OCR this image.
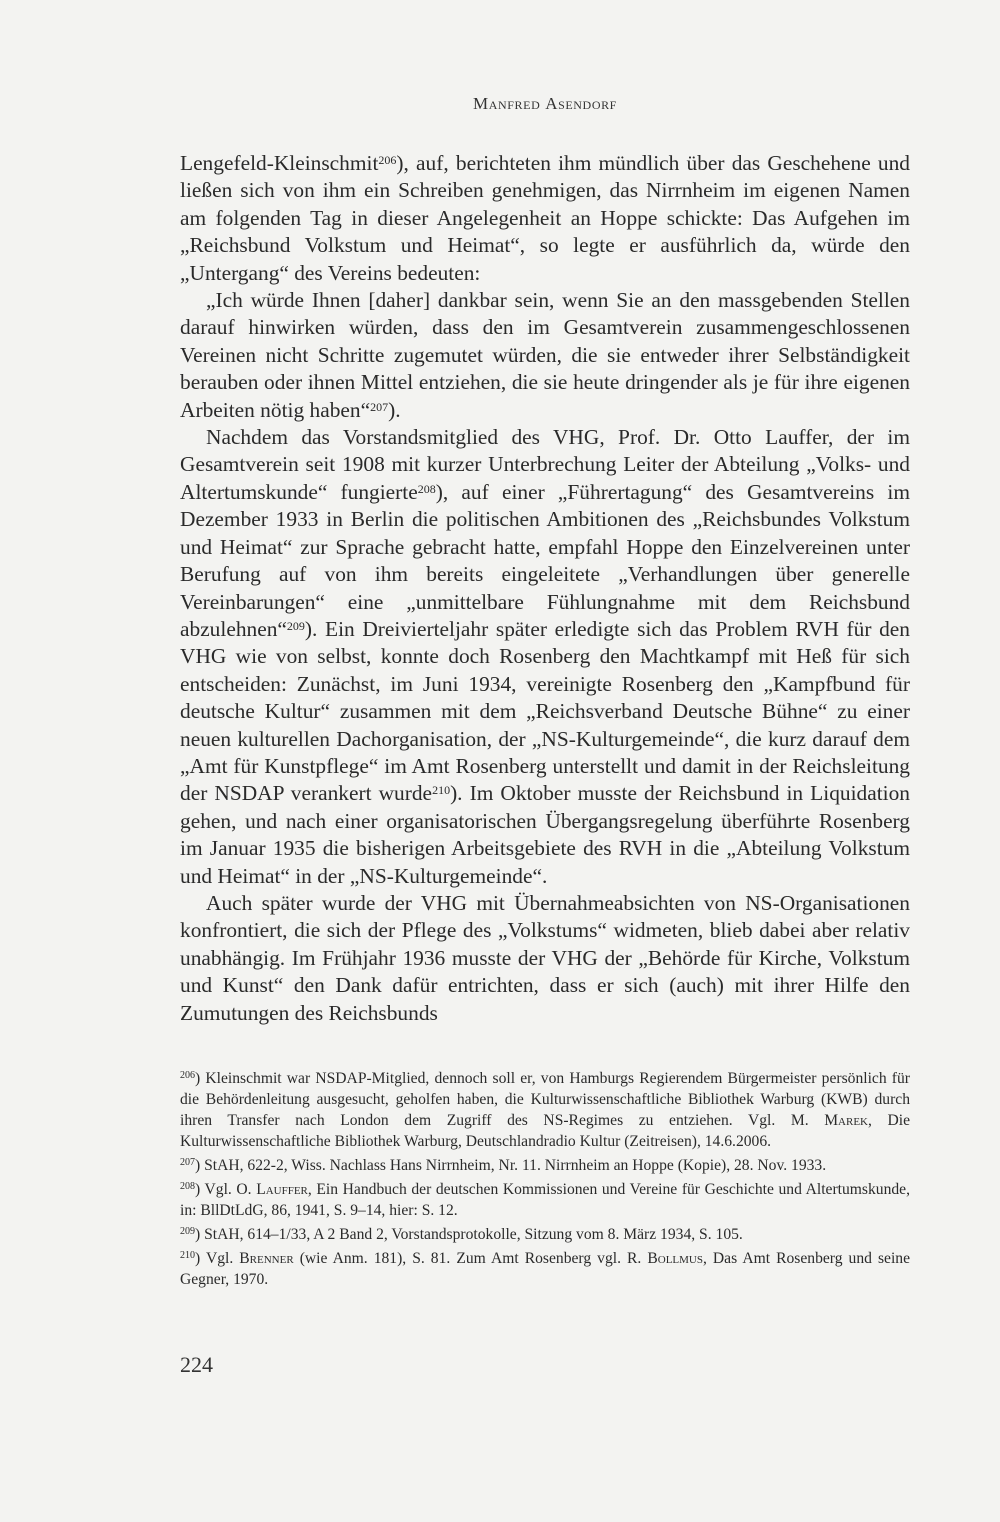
Manfred Asendorf

Lengefeld-Kleinschmit$^{206}$), auf, berichteten ihm mündlich über das Geschehene und ließen sich von ihm ein Schreiben genehmigen, das Nirrnheim im eigenen Namen am folgenden Tag in dieser Angelegenheit an Hoppe schickte: Das Aufgehen im „Reichsbund Volkstum und Heimat“, so legte er ausführlich da, würde den „Untergang“ des Vereins bedeuten:

„Ich würde Ihnen [daher] dankbar sein, wenn Sie an den massgebenden Stellen darauf hinwirken würden, dass den im Gesamtverein zusammengeschlossenen Vereinen nicht Schritte zugemutet würden, die sie entweder ihrer Selbständigkeit berauben oder ihnen Mittel entziehen, die sie heute dringender als je für ihre eigenen Arbeiten nötig haben“$^{207}$).

Nachdem das Vorstandsmitglied des VHG, Prof. Dr. Otto Lauffer, der im Gesamtverein seit 1908 mit kurzer Unterbrechung Leiter der Abteilung „Volks- und Altertumskunde“ fungierte$^{208}$), auf einer „Führertagung“ des Gesamtvereins im Dezember 1933 in Berlin die politischen Ambitionen des „Reichsbundes Volkstum und Heimat“ zur Sprache gebracht hatte, empfahl Hoppe den Einzelvereinen unter Berufung auf von ihm bereits eingeleitete „Verhandlungen über generelle Vereinbarungen“ eine „unmittelbare Fühlungnahme mit dem Reichsbund abzulehnen“$^{209}$). Ein Dreivierteljahr später erledigte sich das Problem RVH für den VHG wie von selbst, konnte doch Rosenberg den Machtkampf mit Heß für sich entscheiden: Zunächst, im Juni 1934, vereinigte Rosenberg den „Kampfbund für deutsche Kultur“ zusammen mit dem „Reichsverband Deutsche Bühne“ zu einer neuen kulturellen Dachorganisation, der „NS-Kulturgemeinde“, die kurz darauf dem „Amt für Kunstpflege“ im Amt Rosenberg unterstellt und damit in der Reichsleitung der NSDAP verankert wurde$^{210}$). Im Oktober musste der Reichsbund in Liquidation gehen, und nach einer organisatorischen Übergangsregelung überführte Rosenberg im Januar 1935 die bisherigen Arbeitsgebiete des RVH in die „Abteilung Volkstum und Heimat“ in der „NS-Kulturgemeinde“.

Auch später wurde der VHG mit Übernahmeabsichten von NS-Organisationen konfrontiert, die sich der Pflege des „Volkstums“ widmeten, blieb dabei aber relativ unabhängig. Im Frühjahr 1936 musste der VHG der „Behörde für Kirche, Volkstum und Kunst“ den Dank dafür entrichten, dass er sich (auch) mit ihrer Hilfe den Zumutungen des Reichsbunds

$^{206}$) Kleinschmit war NSDAP-Mitglied, dennoch soll er, von Hamburgs Regierendem Bürgermeister persönlich für die Behördenleitung ausgesucht, geholfen haben, die Kulturwissenschaftliche Bibliothek Warburg (KWB) durch ihren Transfer nach London dem Zugriff des NS-Regimes zu entziehen. Vgl. M. Marek, Die Kulturwissenschaftliche Bibliothek Warburg, Deutschlandradio Kultur (Zeitreisen), 14.6.2006.

$^{207}$) StAH, 622-2, Wiss. Nachlass Hans Nirrnheim, Nr. 11. Nirrnheim an Hoppe (Kopie), 28. Nov. 1933.

$^{208}$) Vgl. O. Lauffer, Ein Handbuch der deutschen Kommissionen und Vereine für Geschichte und Altertumskunde, in: BllDtLdG, 86, 1941, S. 9–14, hier: S. 12.

$^{209}$) StAH, 614–1/33, A 2 Band 2, Vorstandsprotokolle, Sitzung vom 8. März 1934, S. 105.

$^{210}$) Vgl. Brenner (wie Anm. 181), S. 81. Zum Amt Rosenberg vgl. R. Bollmus, Das Amt Rosenberg und seine Gegner, 1970.

224
